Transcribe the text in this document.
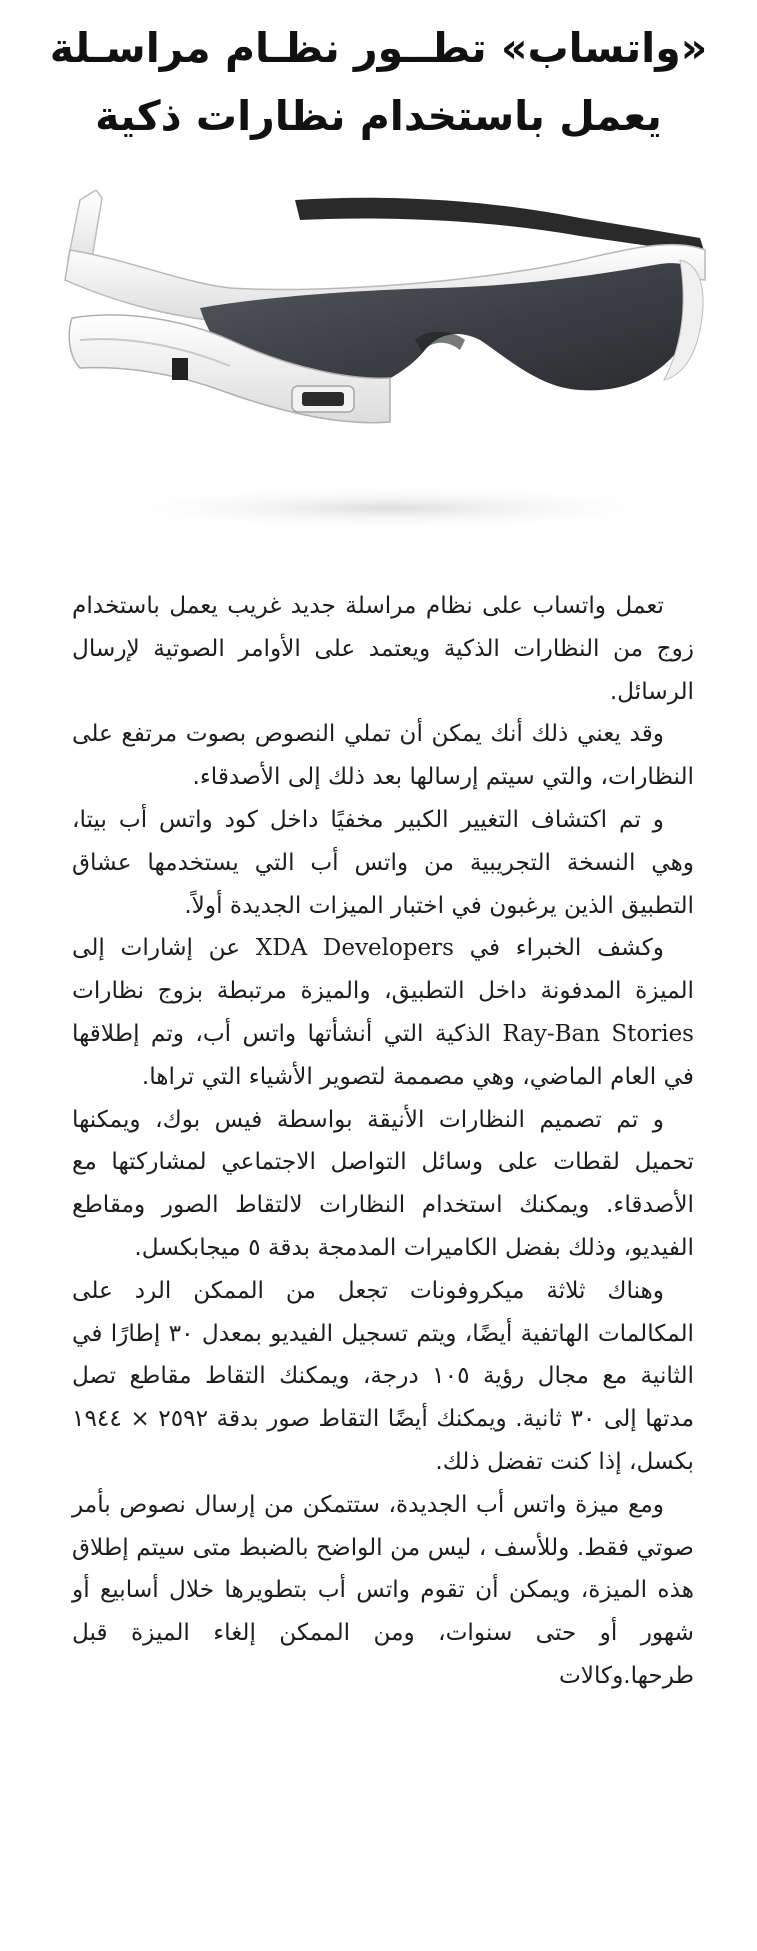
«واتساب» تطــور نظـام مراسـلة
يعمل باستخدام نظارات ذكية

تعمل واتساب على نظام مراسلة جديد غريب يعمل باستخدام زوج من النظارات الذكية ويعتمد على الأوامر الصوتية لإرسال الرسائل.

وقد يعني ذلك أنك يمكن أن تملي النصوص بصوت مرتفع على النظارات، والتي سيتم إرسالها بعد ذلك إلى الأصدقاء.

و تم اكتشاف التغيير الكبير مخفيًا داخل كود واتس أب بيتا، وهي النسخة التجريبية من واتس أب التي يستخدمها عشاق التطبيق الذين يرغبون في اختبار الميزات الجديدة أولاً.

وكشف الخبراء في XDA Developers عن إشارات إلى الميزة المدفونة داخل التطبيق، والميزة مرتبطة بزوج نظارات Ray-Ban Stories الذكية التي أنشأتها واتس أب، وتم إطلاقها في العام الماضي، وهي مصممة لتصوير الأشياء التي تراها.

و تم تصميم النظارات الأنيقة بواسطة فيس بوك، ويمكنها تحميل لقطات على وسائل التواصل الاجتماعي لمشاركتها مع الأصدقاء. ويمكنك استخدام النظارات لالتقاط الصور ومقاطع الفيديو، وذلك بفضل الكاميرات المدمجة بدقة ٥ ميجابكسل.

وهناك ثلاثة ميكروفونات تجعل من الممكن الرد على المكالمات الهاتفية أيضًا، ويتم تسجيل الفيديو بمعدل ٣٠ إطارًا في الثانية مع مجال رؤية ١٠٥ درجة، ويمكنك التقاط مقاطع تصل مدتها إلى ٣٠ ثانية. ويمكنك أيضًا التقاط صور بدقة ٢٥٩٢ × ١٩٤٤ بكسل، إذا كنت تفضل ذلك.

ومع ميزة واتس أب الجديدة، ستتمكن من إرسال نصوص بأمر صوتي فقط. وللأسف ، ليس من الواضح بالضبط متى سيتم إطلاق هذه الميزة، ويمكن أن تقوم واتس أب بتطويرها خلال أسابيع أو شهور أو حتى سنوات، ومن الممكن إلغاء الميزة قبل طرحها.وكالات
